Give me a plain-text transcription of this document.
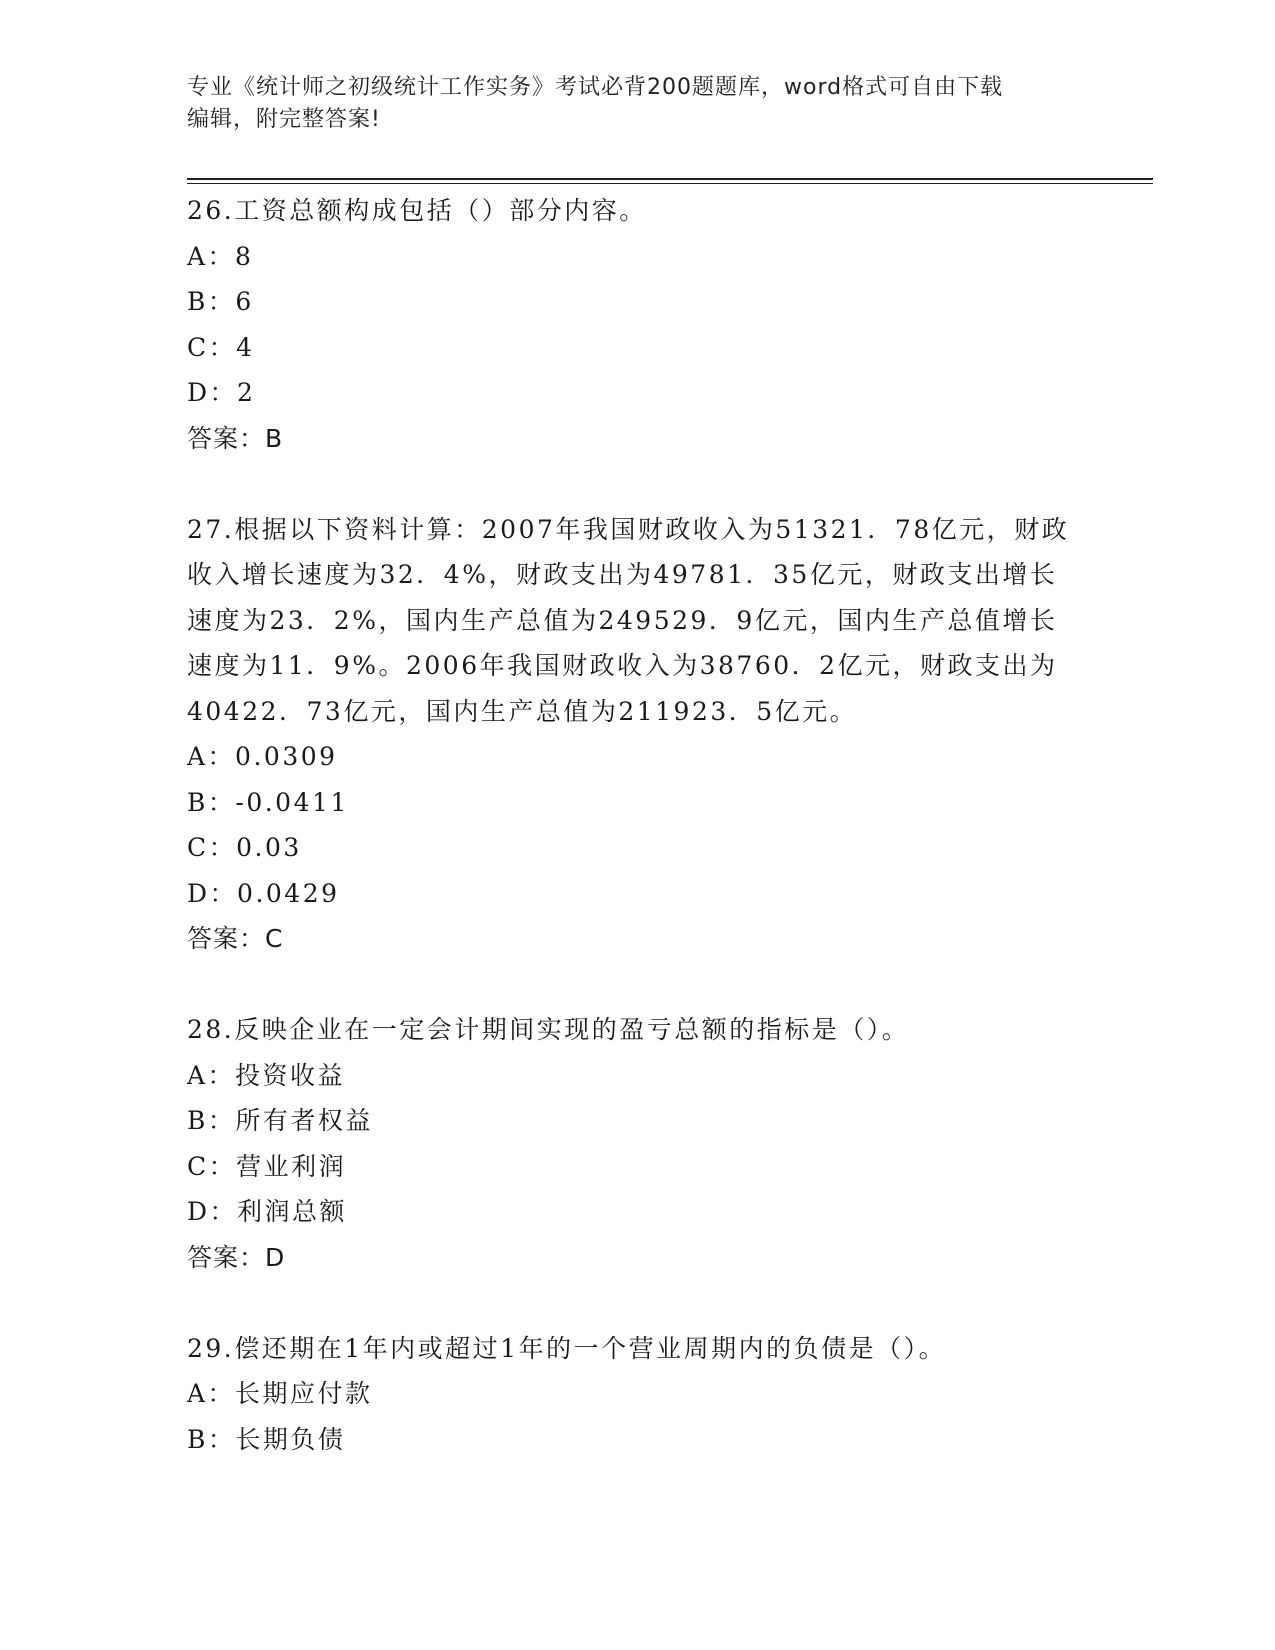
专业《统计师之初级统计工作实务》考试必背200题题库，word格式可自由下载
编辑，附完整答案!
26.工资总额构成包括（）部分内容。
A：8
B：6
C：4
D：2
答案：B
27.根据以下资料计算：2007年我国财政收入为51321．78亿元，财政
收入增长速度为32．4%，财政支出为49781．35亿元，财政支出增长
速度为23．2%，国内生产总值为249529．9亿元，国内生产总值增长
速度为11．9%。2006年我国财政收入为38760．2亿元，财政支出为
40422．73亿元，国内生产总值为211923．5亿元。
A：0.0309
B：-0.0411
C：0.03
D：0.0429
答案：C
28.反映企业在一定会计期间实现的盈亏总额的指标是（）。
A：投资收益
B：所有者权益
C：营业利润
D：利润总额
答案：D
29.偿还期在1年内或超过1年的一个营业周期内的负债是（）。
A：长期应付款
B：长期负债
